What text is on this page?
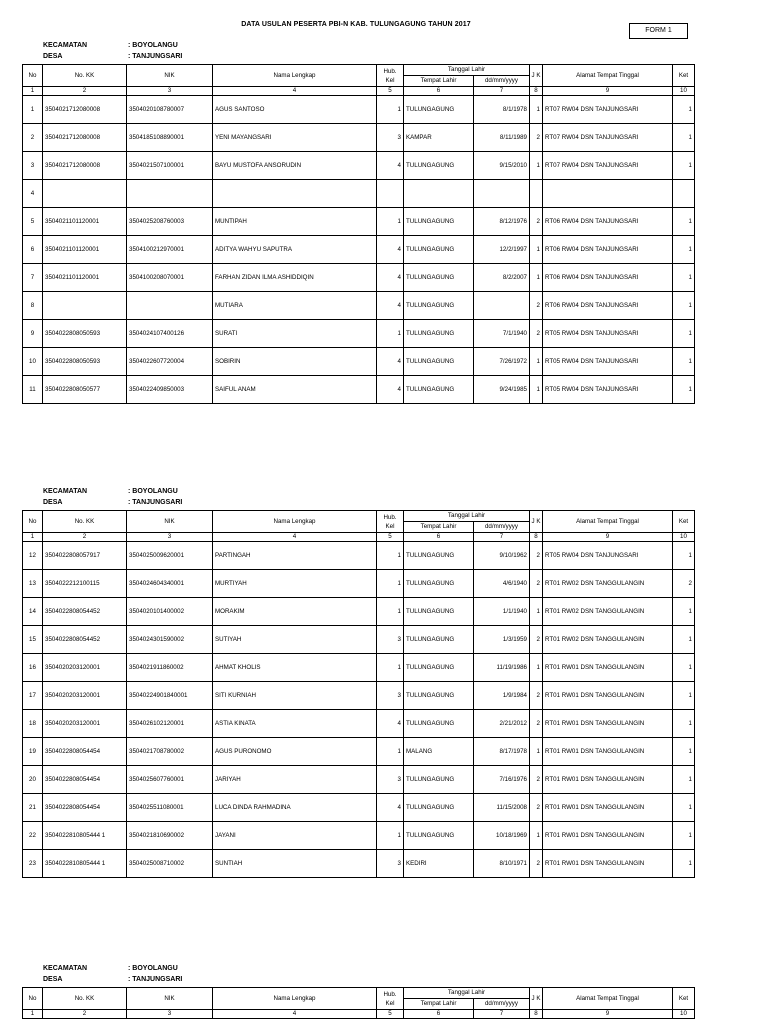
DATA USULAN PESERTA PBI-N KAB. TULUNGAGUNG TAHUN 2017
FORM 1
KECAMATAN	: BOYOLANGU
DESA	: TANJUNGSARI
No	No. KK	NIK	Nama Lengkap	Hub.
Kel	Tanggal Lahir		J K	Alamat Tempat Tinggal	Ket
					Tempat Lahir	dd/mm/yyyy			
1	2	3	4	5	6	7	8	9	10
1	3504021712080008	3504020108780007	AGUS SANTOSO	1	TULUNGAGUNG	8/1/1978	1	RT07 RW04 DSN TANJUNGSARI	1
2	3504021712080008	3504185108890001	YENI MAYANGSARI	3	KAMPAR	8/11/1989	2	RT07 RW04 DSN TANJUNGSARI	1
3	3504021712080008	3504021507100001	BAYU MUSTOFA ANSORUDIN	4	TULUNGAGUNG	9/15/2010	1	RT07 RW04 DSN TANJUNGSARI	1
4									
5	3504021101120001	3504025208760003	MUNTIPAH	1	TULUNGAGUNG	8/12/1976	2	RT06 RW04 DSN TANJUNGSARI	1
6	3504021101120001	3504100212970001	ADITYA WAHYU SAPUTRA	4	TULUNGAGUNG	12/2/1997	1	RT06 RW04 DSN TANJUNGSARI	1
7	3504021101120001	3504100208070001	FARHAN ZIDAN ILMA ASHIDDIQIN	4	TULUNGAGUNG	8/2/2007	1	RT06 RW04 DSN TANJUNGSARI	1
8			MUTIARA	4	TULUNGAGUNG		2	RT06 RW04 DSN TANJUNGSARI	1
9	3504022808050593	3504024107400126	SURATI	1	TULUNGAGUNG	7/1/1940	2	RT05 RW04 DSN TANJUNGSARI	1
10	3504022808050593	3504022607720004	SOBIRIN	4	TULUNGAGUNG	7/26/1972	1	RT05 RW04 DSN TANJUNGSARI	1
11	3504022808050577	3504022409850003	SAIFUL ANAM	4	TULUNGAGUNG	9/24/1985	1	RT05 RW04 DSN TANJUNGSARI	1
KECAMATAN	: BOYOLANGU
DESA	: TANJUNGSARI
No	No. KK	NIK	Nama Lengkap	Hub.
Kel	Tanggal Lahir		J K	Alamat Tempat Tinggal	Ket
					Tempat Lahir	dd/mm/yyyy			
1	2	3	4	5	6	7	8	9	10
12	3504022808057917	3504025009620001	PARTINGAH	1	TULUNGAGUNG	9/10/1962	2	RT05 RW04 DSN TANJUNGSARI	1
13	3504022212100115	3504024604340001	MURTIYAH	1	TULUNGAGUNG	4/6/1940	2	RT01 RW02 DSN TANGGULANGIN	2
14	3504022808054452	3504020101400002	MORAKIM	1	TULUNGAGUNG	1/1/1940	1	RT01 RW02 DSN TANGGULANGIN	1
15	3504022808054452	3504024301590002	SUTIYAH	3	TULUNGAGUNG	1/3/1959	2	RT01 RW02 DSN TANGGULANGIN	1
16	3504020203120001	3504021911860002	AHMAT KHOLIS	1	TULUNGAGUNG	11/19/1986	1	RT01 RW01 DSN TANGGULANGIN	1
17	3504020203120001	35040224901840001	SITI KURNIAH	3	TULUNGAGUNG	1/9/1984	2	RT01 RW01 DSN TANGGULANGIN	1
18	3504020203120001	3504026102120001	ASTIA KINATA	4	TULUNGAGUNG	2/21/2012	2	RT01 RW01 DSN TANGGULANGIN	1
19	3504022808054454	3504021708780002	AGUS PURONOMO	1	MALANG	8/17/1978	1	RT01 RW01 DSN TANGGULANGIN	1
20	3504022808054454	3504025607760001	JARIYAH	3	TULUNGAGUNG	7/16/1976	2	RT01 RW01 DSN TANGGULANGIN	1
21	3504022808054454	3504025511080001	LUCA DINDA RAHMADINA	4	TULUNGAGUNG	11/15/2008	2	RT01 RW01 DSN TANGGULANGIN	1
22	3504022810805444 1	3504021810690002	JAYANI	1	TULUNGAGUNG	10/18/1969	1	RT01 RW01 DSN TANGGULANGIN	1
23	3504022810805444 1	3504025008710002	SUNTIAH	3	KEDIRI	8/10/1971	2	RT01 RW01 DSN TANGGULANGIN	1
KECAMATAN	: BOYOLANGU
DESA	: TANJUNGSARI
No	No. KK	NIK	Nama Lengkap	Hub.
Kel	Tanggal Lahir		J K	Alamat Tempat Tinggal	Ket
					Tempat Lahir	dd/mm/yyyy			
1	2	3	4	5	6	7	8	9	10
